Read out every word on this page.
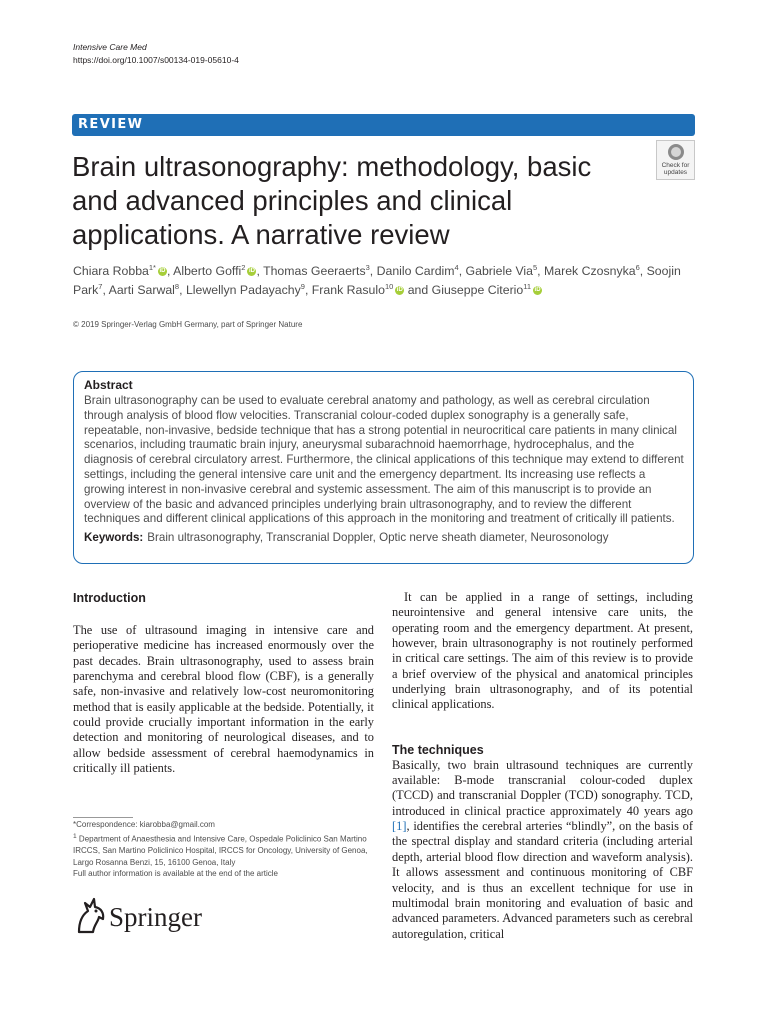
Intensive Care Med
https://doi.org/10.1007/s00134-019-05610-4
REVIEW
Brain ultrasonography: methodology, basic and advanced principles and clinical applications. A narrative review
Check for
updates
Chiara Robba$^{1*}$ iD , Alberto Goffi$^2$ iD , Thomas Geeraerts$^3$, Danilo Cardim$^4$, Gabriele Via$^5$, Marek Czosnyka$^6$, Soojin Park$^7$, Aarti Sarwal$^8$, Llewellyn Padayachy$^9$, Frank Rasulo$^{10}$ iD and Giuseppe Citerio$^{11}$ iD
© 2019 Springer-Verlag GmbH Germany, part of Springer Nature
Abstract

Brain ultrasonography can be used to evaluate cerebral anatomy and pathology, as well as cerebral circulation through analysis of blood flow velocities. Transcranial colour-coded duplex sonography is a generally safe, repeatable, non-invasive, bedside technique that has a strong potential in neurocritical care patients in many clinical scenarios, including traumatic brain injury, aneurysmal subarachnoid haemorrhage, hydrocephalus, and the diagnosis of cerebral circulatory arrest. Furthermore, the clinical applications of this technique may extend to different settings, including the general intensive care unit and the emergency department. Its increasing use reflects a growing interest in non-invasive cerebral and systemic assessment. The aim of this manuscript is to provide an overview of the basic and advanced principles underlying brain ultrasonography, and to review the different techniques and different clinical applications of this approach in the monitoring and treatment of critically ill patients.

Keywords: Brain ultrasonography, Transcranial Doppler, Optic nerve sheath diameter, Neurosonology
Introduction

The use of ultrasound imaging in intensive care and perioperative medicine has increased enormously over the past decades. Brain ultrasonography, used to assess brain parenchyma and cerebral blood flow (CBF), is a generally safe, non-invasive and relatively low-cost neuromonitoring method that is easily applicable at the bedside. Potentially, it could provide crucially important information in the early detection and monitoring of neurological diseases, and to allow bedside assessment of cerebral haemodynamics in critically ill patients.

It can be applied in a range of settings, including neurointensive and general intensive care units, the operating room and the emergency department. At present, however, brain ultrasonography is not routinely performed in critical care settings. The aim of this review is to provide a brief overview of the physical and anatomical principles underlying brain ultrasonography, and of its potential clinical applications.

The techniques

Basically, two brain ultrasound techniques are currently available: B-mode transcranial colour-coded duplex (TCCD) and transcranial Doppler (TCD) sonography. TCD, introduced in clinical practice approximately 40 years ago [1], identifies the cerebral arteries “blindly”, on the basis of the spectral display and standard criteria (including arterial depth, arterial blood flow direction and waveform analysis). It allows assessment and continuous monitoring of CBF velocity, and is thus an excellent technique for use in multimodal brain monitoring and evaluation of basic and advanced parameters. Advanced parameters such as cerebral autoregulation, critical

*Correspondence: kiarobba@gmail.com
$^1$ Department of Anaesthesia and Intensive Care, Ospedale Policlinico San Martino IRCCS, San Martino Policlinico Hospital, IRCCS for Oncology, University of Genoa, Largo Rosanna Benzi, 15, 16100 Genoa, Italy
Full author information is available at the end of the article
Springer
